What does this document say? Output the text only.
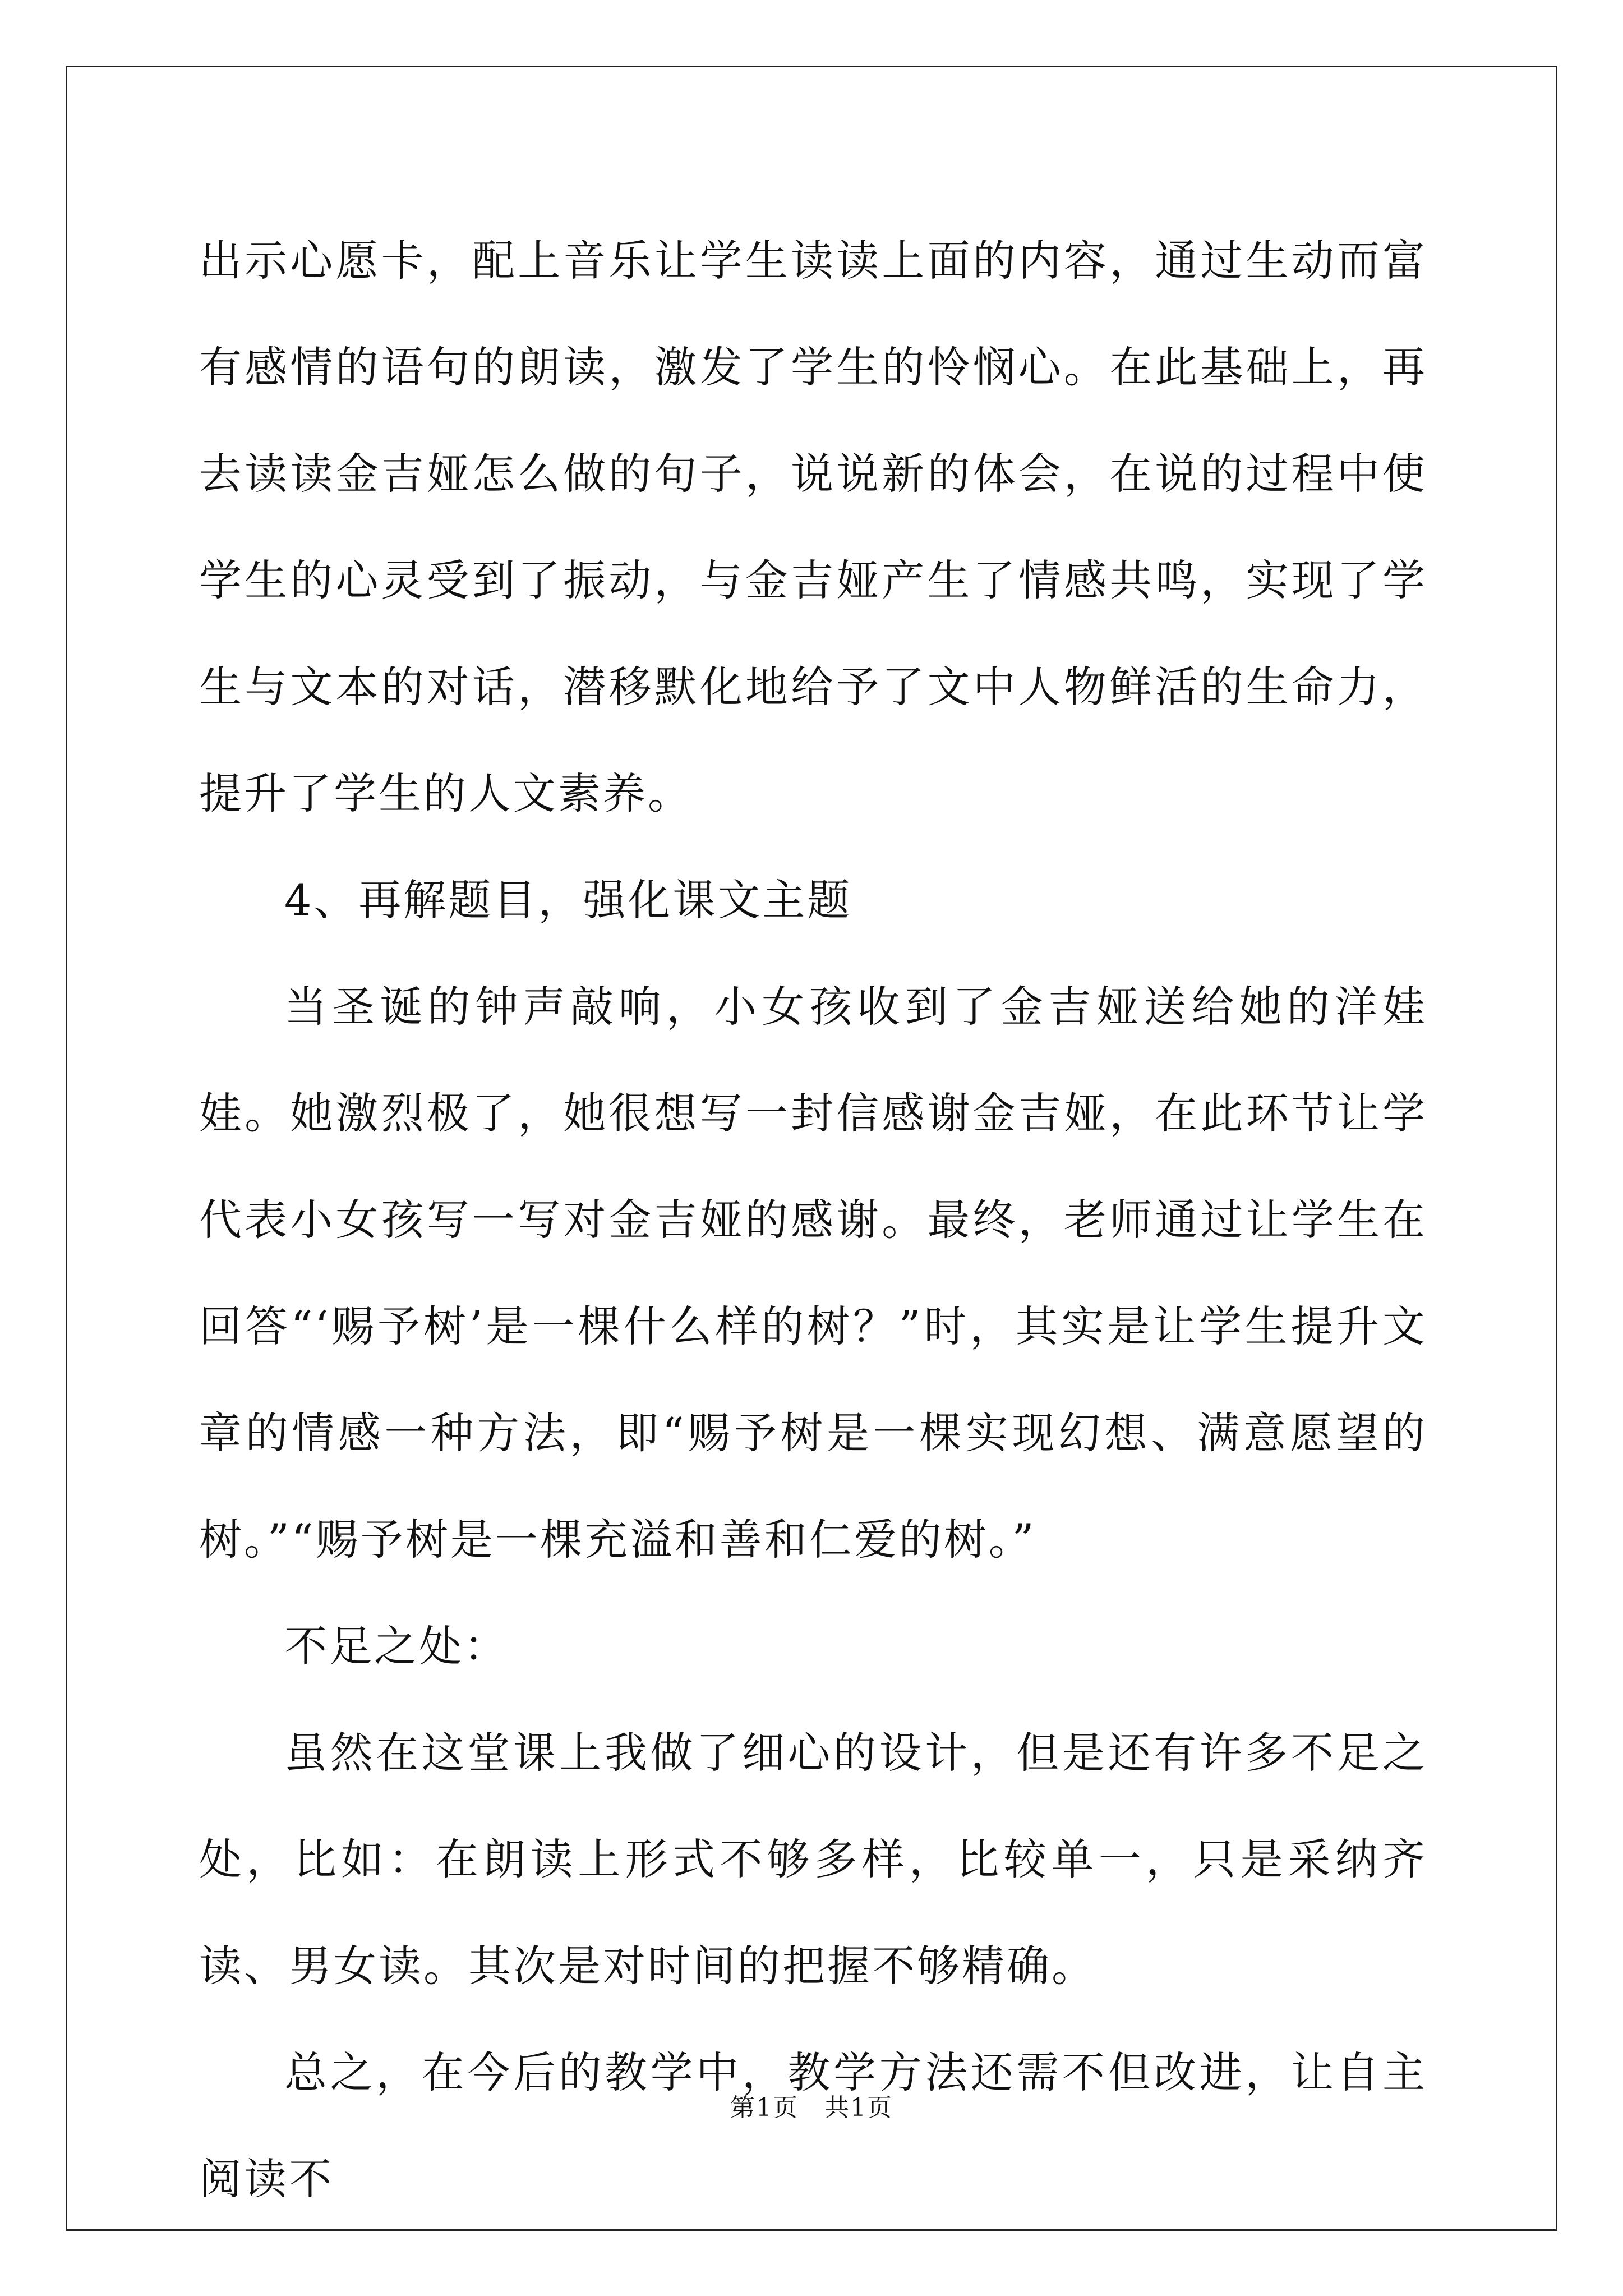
出示心愿卡，配上音乐让学生读读上面的内容，通过生动而富有感情的语句的朗读，激发了学生的怜悯心。在此基础上，再去读读金吉娅怎么做的句子，说说新的体会，在说的过程中使学生的心灵受到了振动，与金吉娅产生了情感共鸣，实现了学生与文本的对话，潜移默化地给予了文中人物鲜活的生命力，提升了学生的人文素养。

4、再解题目，强化课文主题

当圣诞的钟声敲响，小女孩收到了金吉娅送给她的洋娃娃。她激烈极了，她很想写一封信感谢金吉娅，在此环节让学代表小女孩写一写对金吉娅的感谢。最终，老师通过让学生在回答“‘赐予树’是一棵什么样的树？”时，其实是让学生提升文章的情感一种方法，即“赐予树是一棵实现幻想、满意愿望的树。”“赐予树是一棵充溢和善和仁爱的树。”

不足之处：

虽然在这堂课上我做了细心的设计，但是还有许多不足之处，比如：在朗读上形式不够多样，比较单一，只是采纳齐读、男女读。其次是对时间的把握不够精确。

总之，在今后的教学中，教学方法还需不但改进，让自主阅读不

第1页　共1页
